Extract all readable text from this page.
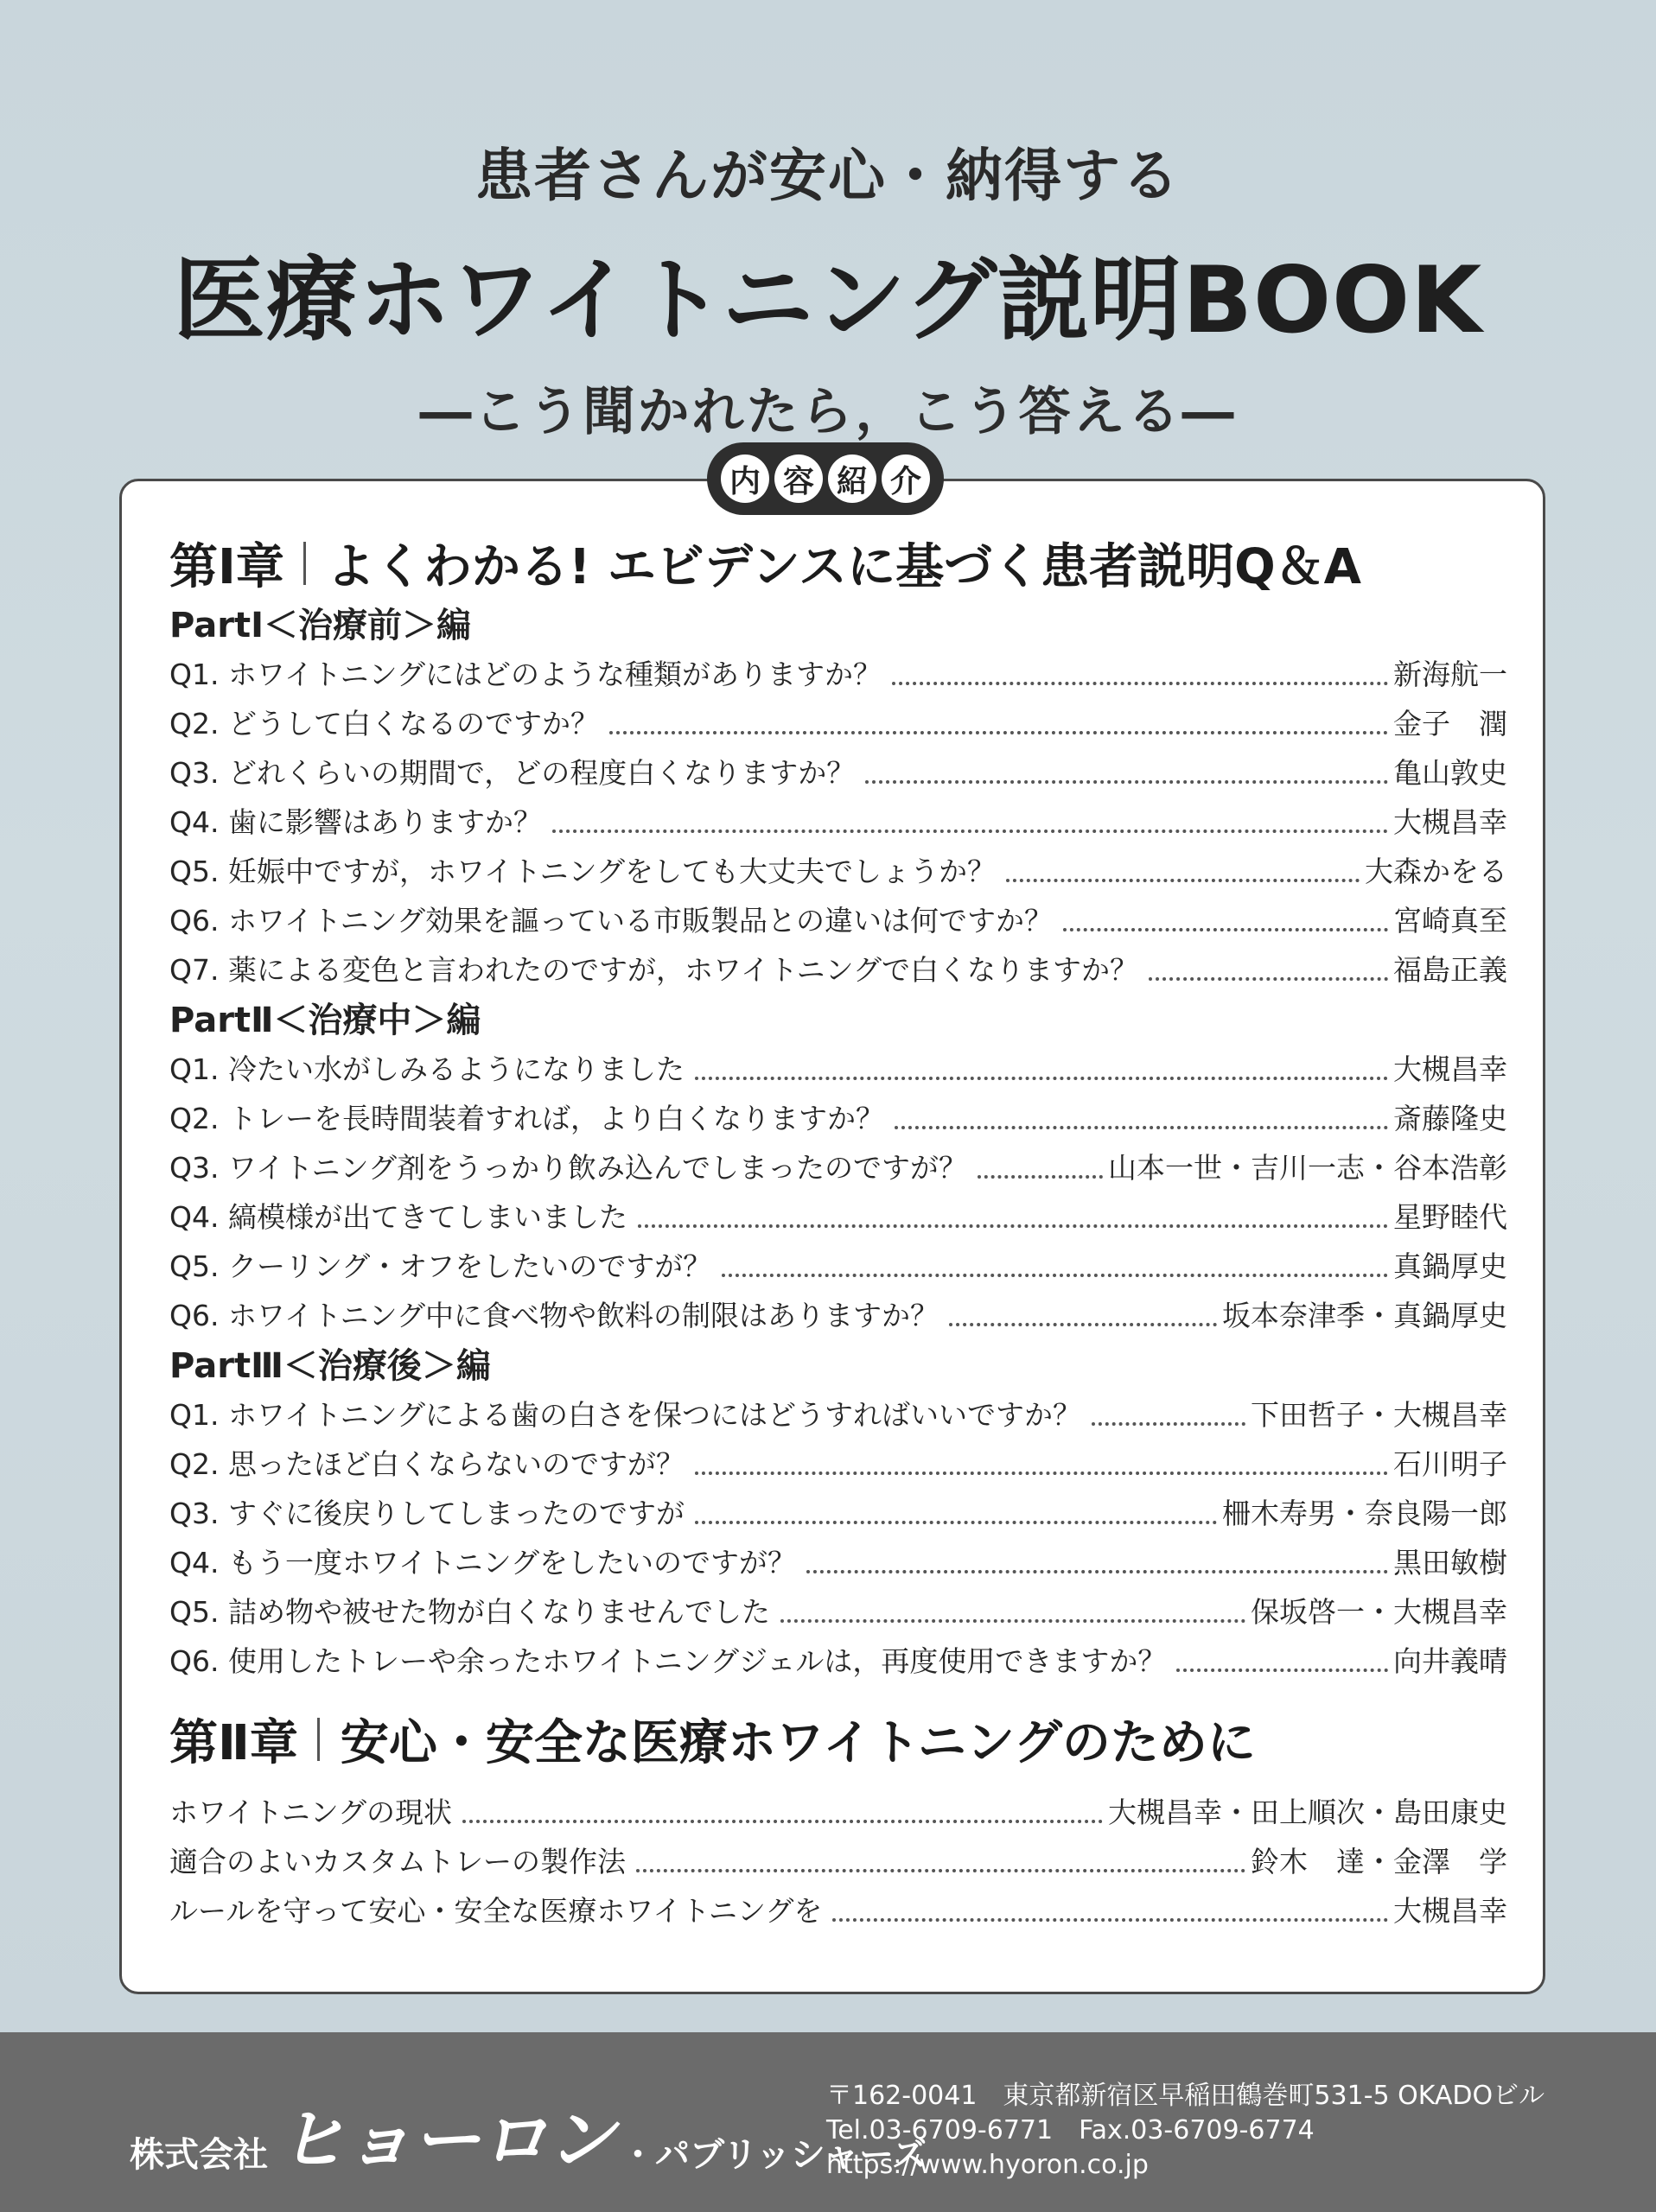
患者さんが安心・納得する
医療ホワイトニング説明BOOK
―こう聞かれたら，こう答える―
内 容 紹 介
第Ⅰ章 よくわかる! エビデンスに基づく患者説明Q＆A
PartⅠ＜治療前＞編
Q1. ホワイトニングにはどのような種類がありますか？	新海航一
Q2. どうして白くなるのですか？	金子　潤
Q3. どれくらいの期間で，どの程度白くなりますか？	亀山敦史
Q4. 歯に影響はありますか？	大槻昌幸
Q5. 妊娠中ですが，ホワイトニングをしても大丈夫でしょうか？	大森かをる
Q6. ホワイトニング効果を謳っている市販製品との違いは何ですか？	宮崎真至
Q7. 薬による変色と言われたのですが，ホワイトニングで白くなりますか？	福島正義
PartⅡ＜治療中＞編
Q1. 冷たい水がしみるようになりました	大槻昌幸
Q2. トレーを長時間装着すれば，より白くなりますか？	斎藤隆史
Q3. ワイトニング剤をうっかり飲み込んでしまったのですが？	山本一世・吉川一志・谷本浩彰
Q4. 縞模様が出てきてしまいました	星野睦代
Q5. クーリング・オフをしたいのですが？	真鍋厚史
Q6. ホワイトニング中に食べ物や飲料の制限はありますか？	坂本奈津季・真鍋厚史
PartⅢ＜治療後＞編
Q1. ホワイトニングによる歯の白さを保つにはどうすればいいですか？	下田哲子・大槻昌幸
Q2. 思ったほど白くならないのですが？	石川明子
Q3. すぐに後戻りしてしまったのですが	柵木寿男・奈良陽一郎
Q4. もう一度ホワイトニングをしたいのですが？	黒田敏樹
Q5. 詰め物や被せた物が白くなりませんでした	保坂啓一・大槻昌幸
Q6. 使用したトレーや余ったホワイトニングジェルは，再度使用できますか？	向井義晴
第Ⅱ章 安心・安全な医療ホワイトニングのために
ホワイトニングの現状	大槻昌幸・田上順次・島田康史
適合のよいカスタムトレーの製作法	鈴木　達・金澤　学
ルールを守って安心・安全な医療ホワイトニングを	大槻昌幸
株式会社 ヒョーロン ・パブリッシャーズ
〒162-0041　東京都新宿区早稲田鶴巻町531-5 OKADOビル
Tel.03-6709-6771　Fax.03-6709-6774
https://www.hyoron.co.jp
